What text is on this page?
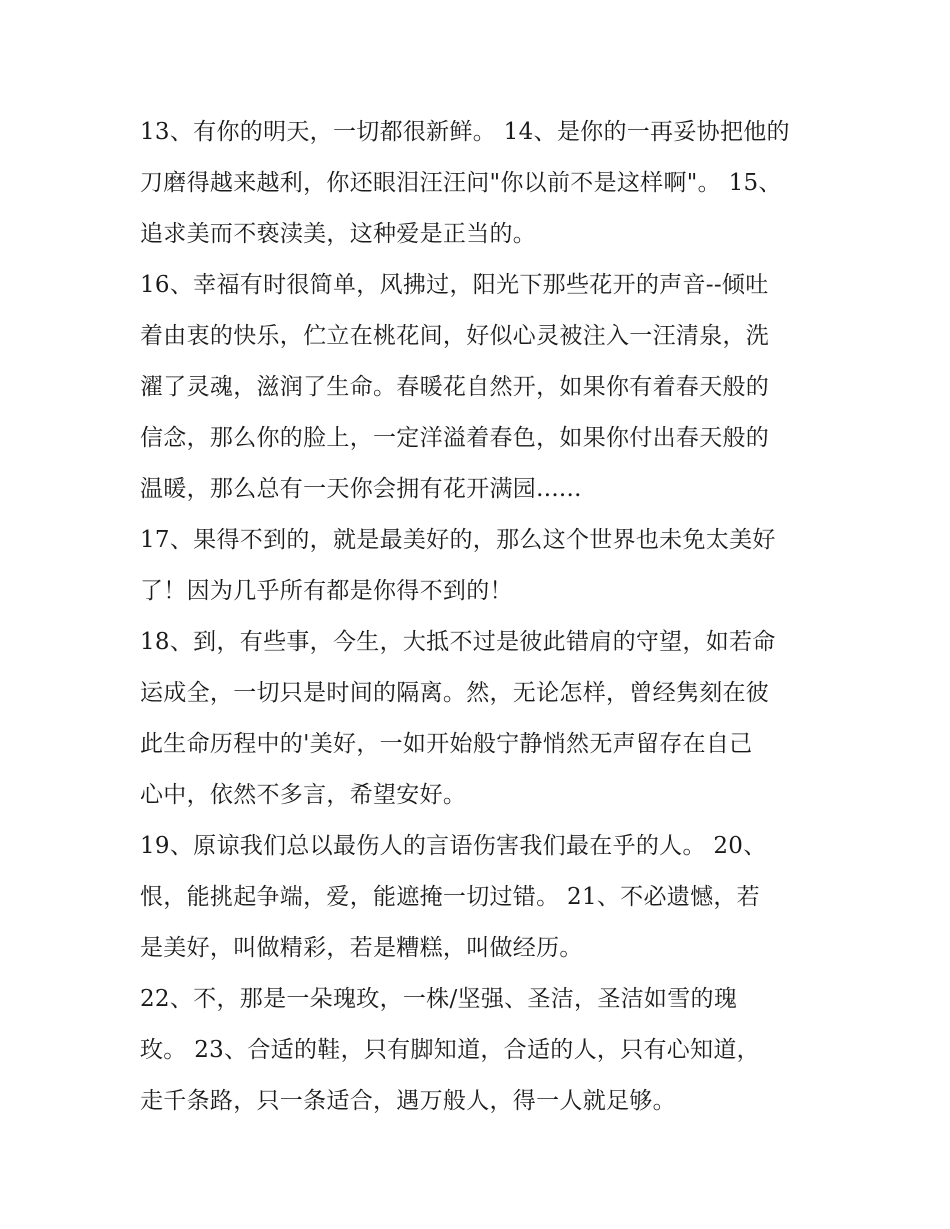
13、有你的明天，一切都很新鲜。 14、是你的一再妥协把他的
刀磨得越来越利，你还眼泪汪汪问"你以前不是这样啊"。 15、
追求美而不亵渎美，这种爱是正当的。
16、幸福有时很简单，风拂过，阳光下那些花开的声音--倾吐
着由衷的快乐，伫立在桃花间，好似心灵被注入一汪清泉，洗
濯了灵魂，滋润了生命。春暖花自然开，如果你有着春天般的
信念，那么你的脸上，一定洋溢着春色，如果你付出春天般的
温暖，那么总有一天你会拥有花开满园......
17、果得不到的，就是最美好的，那么这个世界也未免太美好
了！因为几乎所有都是你得不到的！
18、到，有些事，今生，大抵不过是彼此错肩的守望，如若命
运成全，一切只是时间的隔离。然，无论怎样，曾经隽刻在彼
此生命历程中的'美好，一如开始般宁静悄然无声留存在自己
心中，依然不多言，希望安好。
19、原谅我们总以最伤人的言语伤害我们最在乎的人。 20、
恨，能挑起争端，爱，能遮掩一切过错。 21、不必遗憾，若
是美好，叫做精彩，若是糟糕，叫做经历。
22、不，那是一朵瑰玫，一株/坚强、圣洁，圣洁如雪的瑰
玫。 23、合适的鞋，只有脚知道，合适的人，只有心知道，
走千条路，只一条适合，遇万般人，得一人就足够。
